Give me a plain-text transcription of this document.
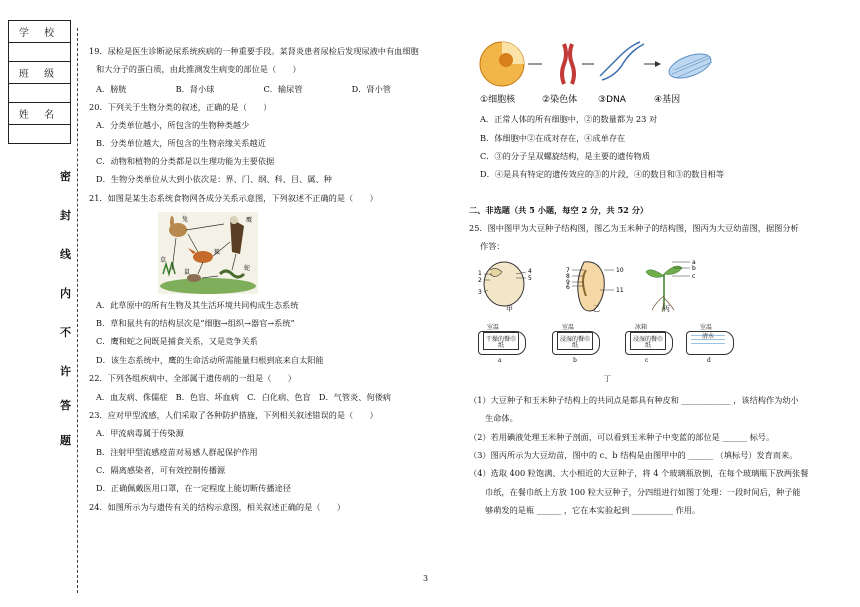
学 校
班 级
姓 名
密
封
线
内
不
许
答
题
19．尿检是医生诊断泌尿系统疾病的一种重要手段。某肾炎患者尿检后发现尿液中有血细胞
和大分子的蛋白质，由此推测发生病变的部位是（　　）
A．膀胱　　　　　　B．肾小球　　　　　　C．输尿管　　　　　　D．肾小管
20．下列关于生物分类的叙述，正确的是（　　）
A．分类单位越小，所包含的生物种类越少
B．分类单位越大，所包含的生物亲缘关系越近
C．动物和植物的分类都是以生理功能为主要依据
D．生物分类单位从大到小依次是：界、门、纲、科、目、属、种
21．如图是某生态系统食物网各成分关系示意图，下列叙述不正确的是（　　）
兔	鹰
狐
蛇
鼠
草
A．此草原中的所有生物及其生活环境共同构成生态系统
B．草和鼠共有的结构层次是“细胞→组织→器官→系统”
C．鹰和蛇之间既是捕食关系，又是竞争关系
D．该生态系统中，鹰的生命活动所需能量归根到底来自太阳能
22．下列各组疾病中、全部属于遗传病的一组是（　　）
A．血友病、侏儒症　B．色盲、坏血病　C．白化病、色盲　D．气管炎、佝偻病
23．应对甲型流感，人们采取了各种防护措施，下列相关叙述错误的是（　　）
A．甲流病毒属于传染源
B．注射甲型流感疫苗对易感人群起保护作用
C．隔离感染者，可有效控制传播源
D．正确佩戴医用口罩，在一定程度上能切断传播途径
24．如图所示为与遗传有关的结构示意图，相关叙述正确的是（　　）
①细胞核	②染色体 ③DNA	④基因
A．正常人体的所有细胞中，②的数量都为 23 对
B．体细胞中②在成对存在，④成单存在
C．③的分子呈双螺旋结构，是主要的遗传物质
D．④是具有特定的遗传效应的③的片段，④的数目和③的数目相等
二、非选题（共 5 小题，每空 2 分，共 52 分）
25．图中图甲为大豆种子结构图，图乙为玉米种子的结构图，图丙为大豆幼苗图，据图分析
作答：
1
2
3
4
5
7
8
9
6
10
11
a
b
c
甲	乙	丙
室温	室温	冰箱	室温
干燥的餐巾纸
浸湿的餐巾纸
浸湿的餐巾纸
清水
a	b	c	d
丁
（1）大豆种子和玉米种子结构上的共同点是都具有种皮和 ____________ ，该结构作为幼小
生命体。
（2）若用碘液处理玉米种子剖面，可以看到玉米种子中变蓝的部位是 ______ 标号。
（3）图丙所示为大豆幼苗，图中的 c、b 结构是由图甲中的 ______ （填标号）发育而来。
（4）选取 400 粒饱满、大小相近的大豆种子，将 4 个玻璃瓶放倒，在每个玻璃瓶下放两张餐
巾纸，在餐巾纸上方放 100 粒大豆种子，分四组进行如图丁处理：一段时间后，种子能
够萌发的是瓶 ______ ，它在本实验起到 __________ 作用。
3
